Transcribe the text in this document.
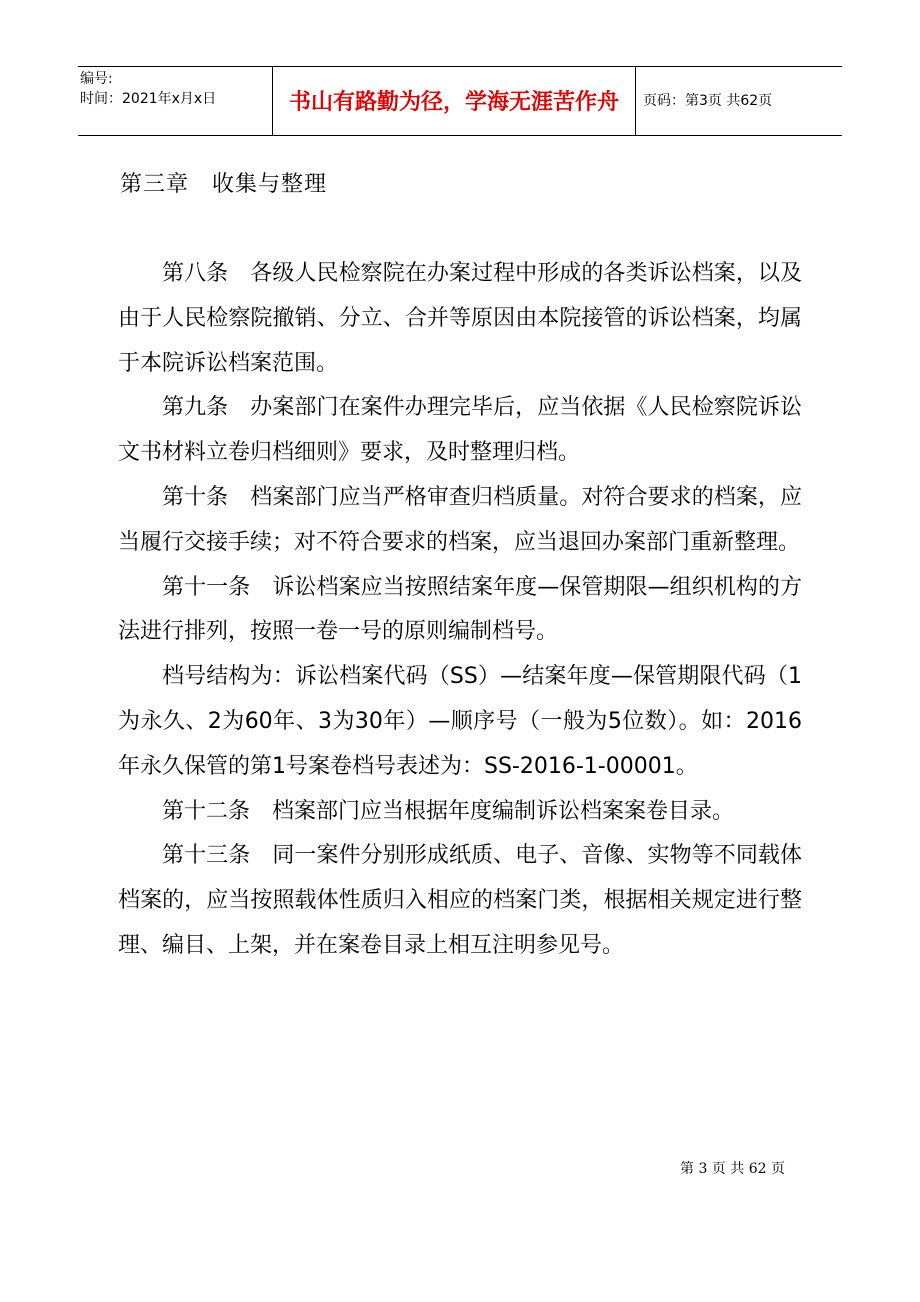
编号:
时间：2021年x月x日	书山有路勤为径，学海无涯苦作舟	页码：第3页 共62页
第三章　收集与整理

第八条　各级人民检察院在办案过程中形成的各类诉讼档案，以及由于人民检察院撤销、分立、合并等原因由本院接管的诉讼档案，均属于本院诉讼档案范围。

第九条　办案部门在案件办理完毕后，应当依据《人民检察院诉讼文书材料立卷归档细则》要求，及时整理归档。

第十条　档案部门应当严格审查归档质量。对符合要求的档案，应当履行交接手续；对不符合要求的档案，应当退回办案部门重新整理。

第十一条　诉讼档案应当按照结案年度—保管期限—组织机构的方法进行排列，按照一卷一号的原则编制档号。

档号结构为：诉讼档案代码（SS）—结案年度—保管期限代码（1为永久、2为60年、3为30年）—顺序号（一般为5位数）。如：2016年永久保管的第1号案卷档号表述为：SS-2016-1-00001。

第十二条　档案部门应当根据年度编制诉讼档案案卷目录。

第十三条　同一案件分别形成纸质、电子、音像、实物等不同载体档案的，应当按照载体性质归入相应的档案门类，根据相关规定进行整理、编目、上架，并在案卷目录上相互注明参见号。

第 3 页 共 62 页
